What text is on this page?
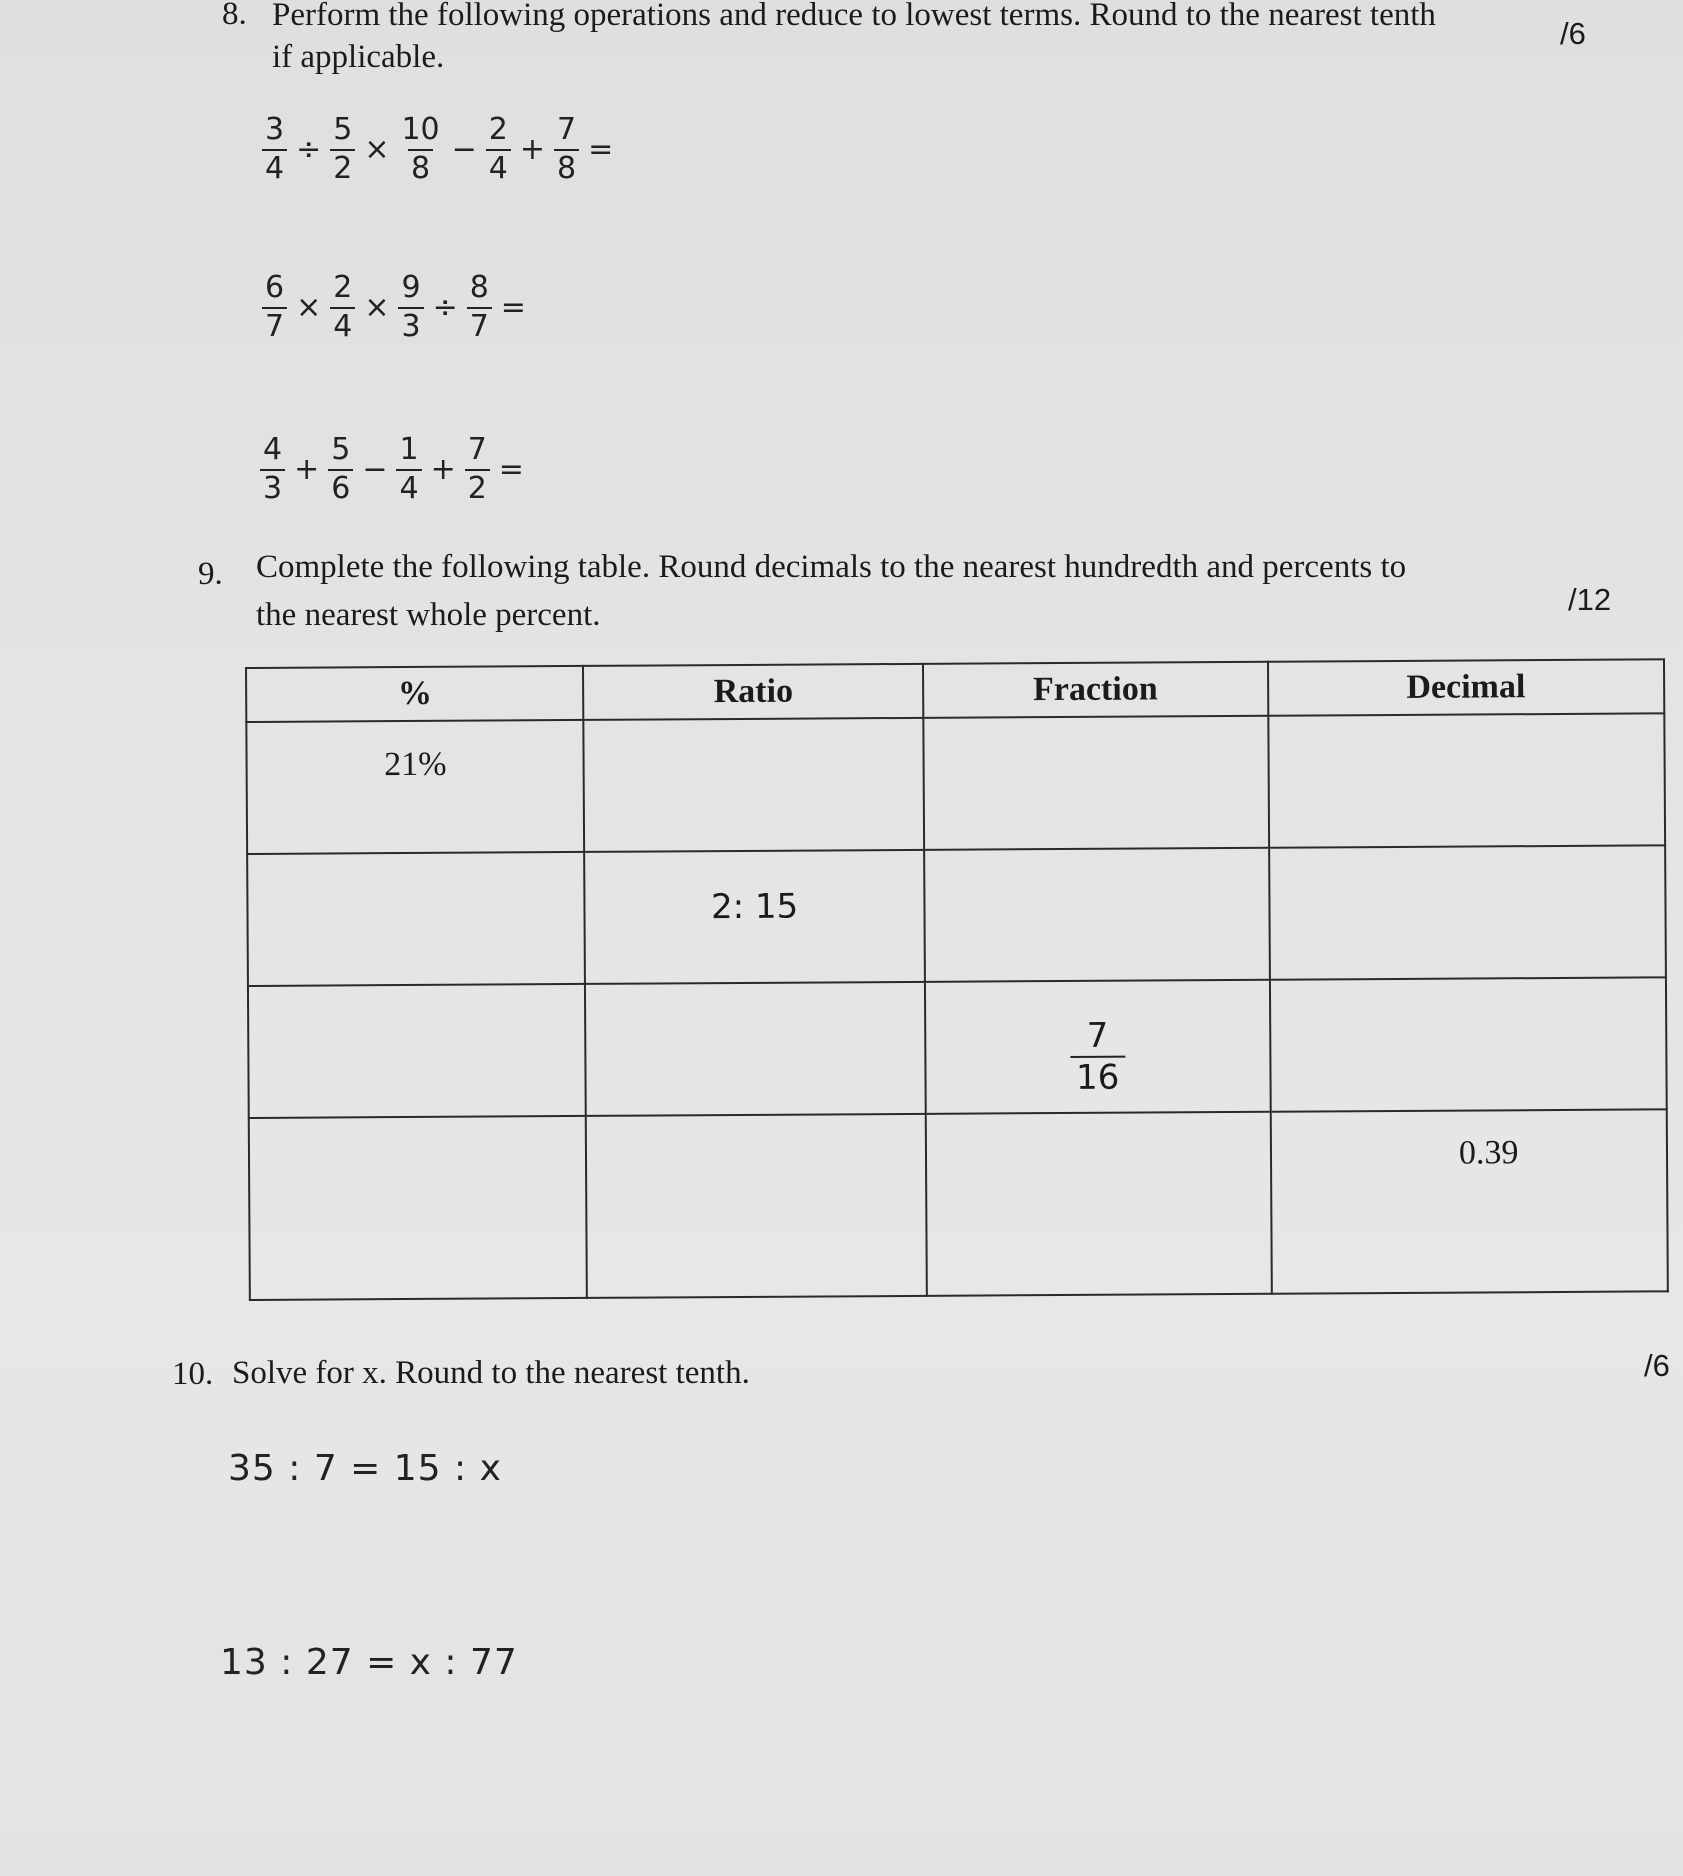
8. Perform the following operations and reduce to lowest terms. Round to the nearest tenth
if applicable.
/6
$\frac{3}{4} \div \frac{5}{2} \times \frac{10}{8} - \frac{2}{4} + \frac{7}{8}$ =
$\frac{6}{7} \times \frac{2}{4} \times \frac{9}{3} \div \frac{8}{7}$ =
$\frac{4}{3} + \frac{5}{6} - \frac{1}{4} + \frac{7}{2}$ =
9. Complete the following table. Round decimals to the nearest hundredth and percents to
the nearest whole percent.	/12
%	Ratio	Fraction	Decimal
21%			
	2: 15		

		$\frac{7}{16}$

			0.39
10. Solve for x. Round to the nearest tenth.	/6
35 : 7 = 15 : x
13 : 27 = x : 77
